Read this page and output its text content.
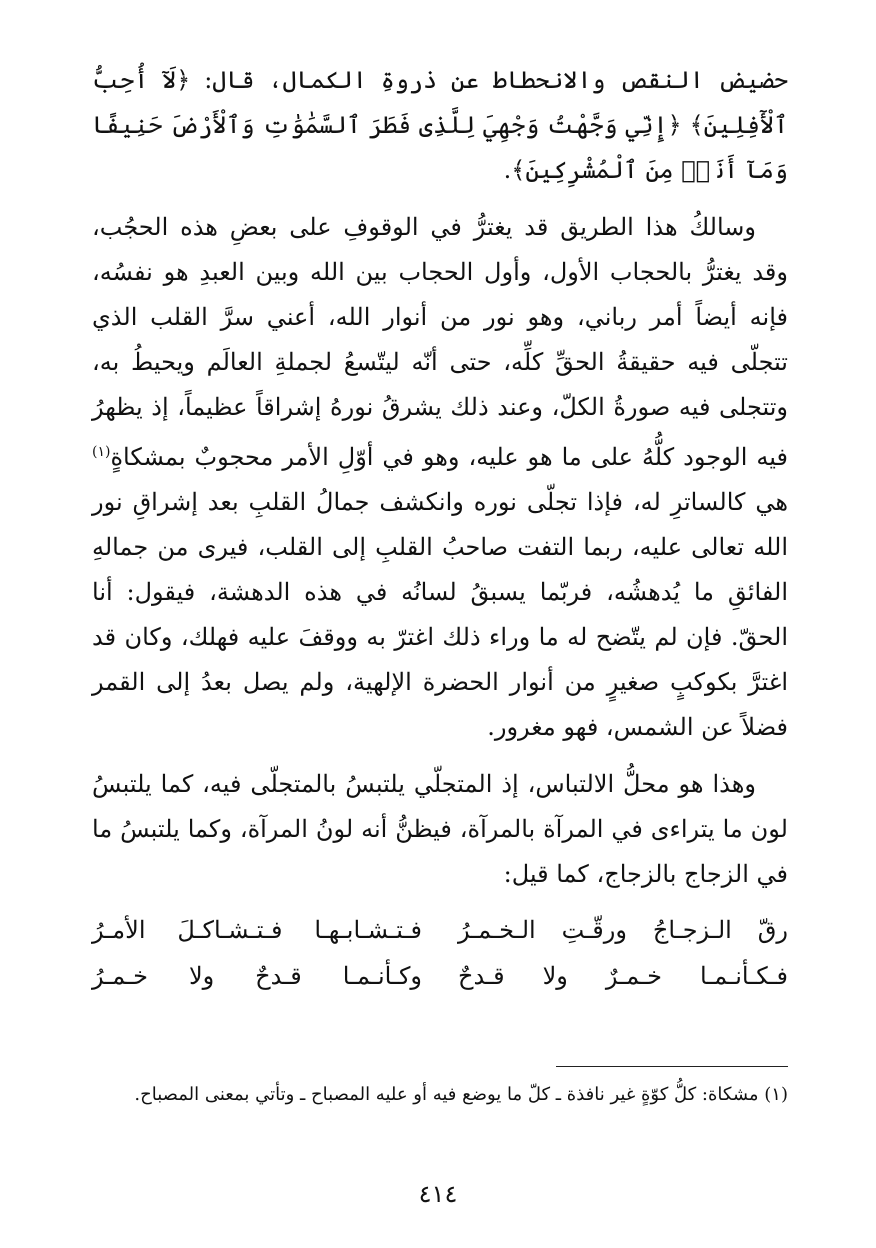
حضيض النقص والانحطاط عن ذروةِ الكمال، قال: ﴿لَآ أُحِبُّ ٱلْأٓفِلِينَ﴾ ﴿إِنِّي وَجَّهْتُ وَجْهِيَ لِلَّذِى فَطَرَ ٱلسَّمَٰوَٰتِ وَٱلْأَرْضَ حَنِيفًا وَمَآ أَنَا۠ مِنَ ٱلْمُشْرِكِينَ﴾.

وسالكُ هذا الطريق قد يغترُّ في الوقوفِ على بعضِ هذه الحجُب، وقد يغترُّ بالحجاب الأول، وأول الحجاب بين الله وبين العبدِ هو نفسُه، فإنه أيضاً أمر رباني، وهو نور من أنوار الله، أعني سرَّ القلب الذي تتجلّى فيه حقيقةُ الحقِّ كلِّه، حتى أنّه ليتّسعُ لجملةِ العالَم ويحيطُ به، وتتجلى فيه صورةُ الكلّ، وعند ذلك يشرقُ نورهُ إشراقاً عظيماً، إذ يظهرُ فيه الوجود كلُّهُ على ما هو عليه، وهو في أوّلِ الأمر محجوبٌ بمشكاةٍ$^{(١)}$ هي كالساترِ له، فإذا تجلّى نوره وانكشف جمالُ القلبِ بعد إشراقِ نور الله تعالى عليه، ربما التفت صاحبُ القلبِ إلى القلب، فيرى من جمالهِ الفائقِ ما يُدهشُه، فربّما يسبقُ لسانُه في هذه الدهشة، فيقول: أنا الحقّ. فإن لم يتّضح له ما وراء ذلك اغترّ به ووقفَ عليه فهلك، وكان قد اغترَّ بكوكبٍ صغيرٍ من أنوار الحضرة الإلهية، ولم يصل بعدُ إلى القمر فضلاً عن الشمس، فهو مغرور.

وهذا هو محلُّ الالتباس، إذ المتجلّي يلتبسُ بالمتجلّى فيه، كما يلتبسُ لون ما يتراءى في المرآة بالمرآة، فيظنُّ أنه لونُ المرآة، وكما يلتبسُ ما في الزجاج بالزجاج، كما قيل:

رقّ الـزجـاجُ ورقّـتِ الـخـمـرُ
فـتـشـابـهـا فـتـشـاكـلَ الأمـرُ
فـكـأنـمـا خـمـرٌ ولا قـدحٌ
وكـأنـمـا قـدحٌ ولا خـمـرُ
(١) مشكاة: كلُّ كوّةٍ غير نافذة ـ كلّ ما يوضع فيه أو عليه المصباح ـ وتأتي بمعنى المصباح.
٤١٤
